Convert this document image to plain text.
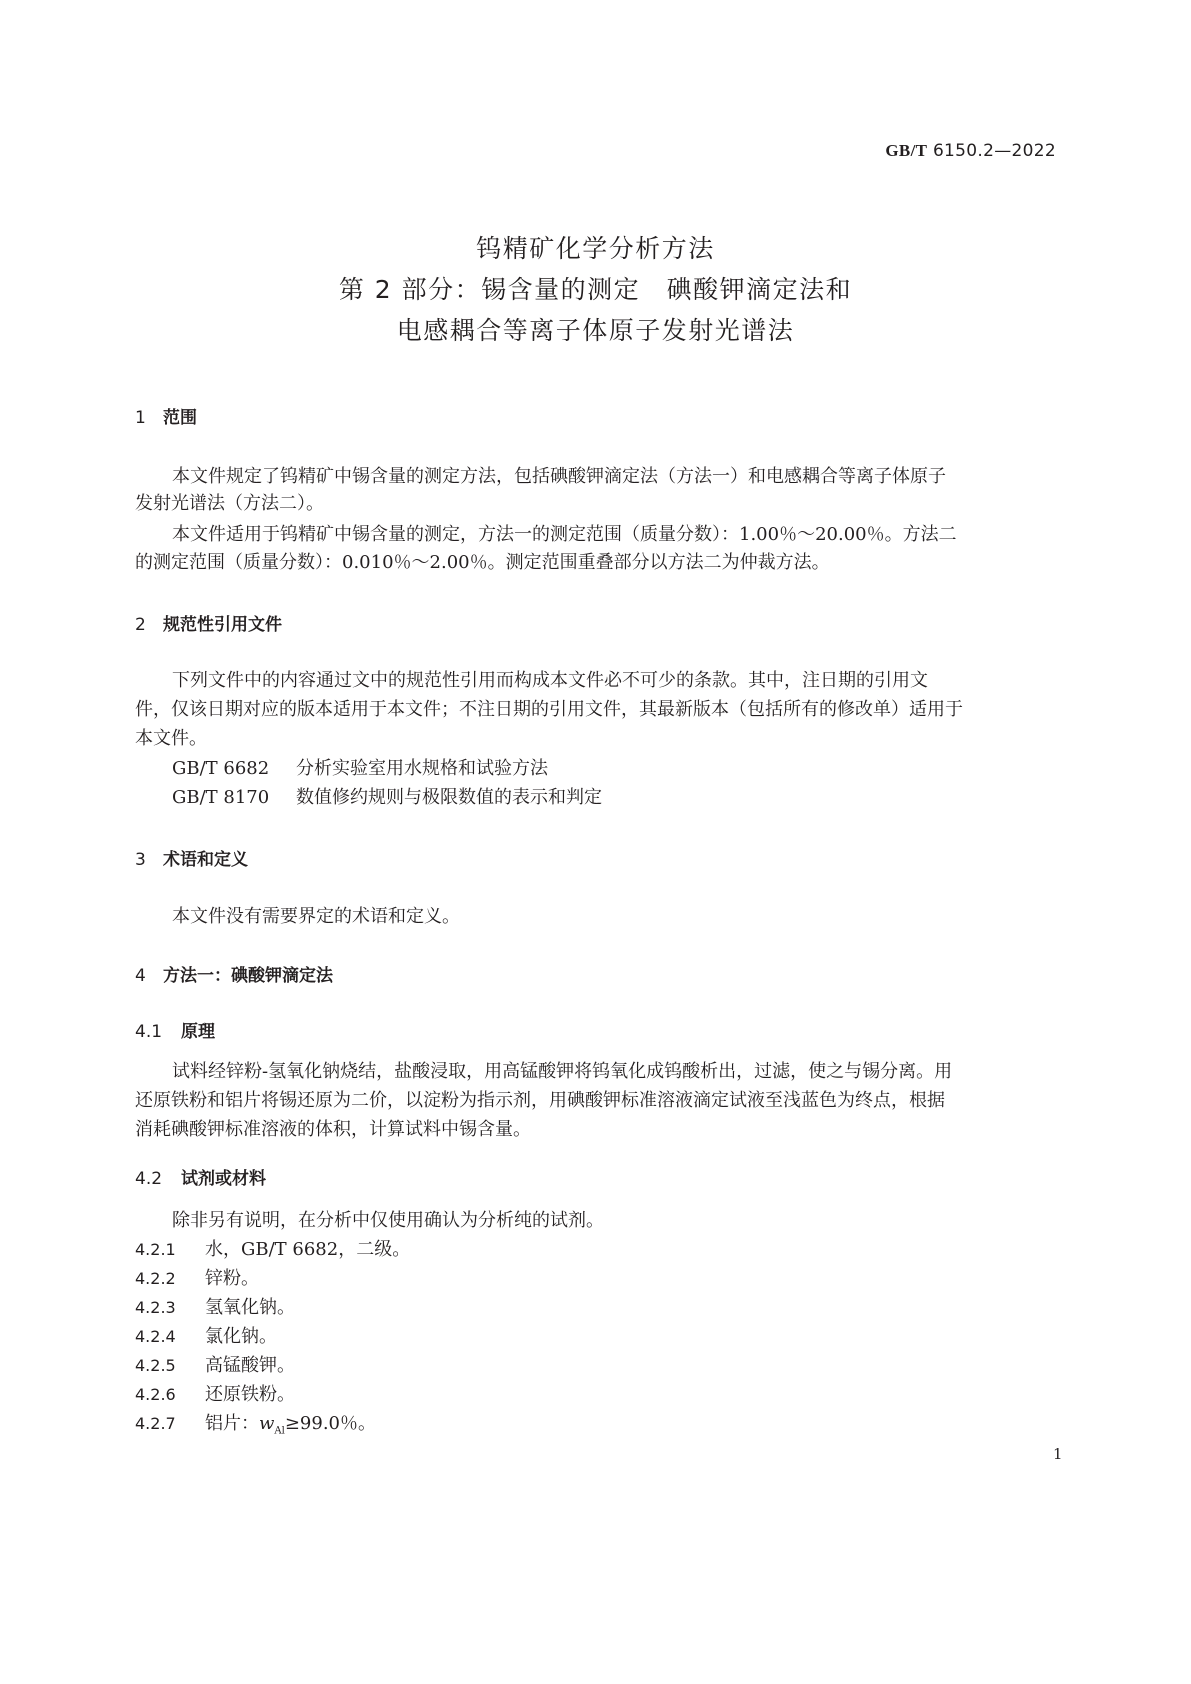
GB/T 6150.2—2022
钨精矿化学分析方法
第 2 部分：锡含量的测定　碘酸钾滴定法和
电感耦合等离子体原子发射光谱法
1 范围
本文件规定了钨精矿中锡含量的测定方法，包括碘酸钾滴定法（方法一）和电感耦合等离子体原子
发射光谱法（方法二）。
本文件适用于钨精矿中锡含量的测定，方法一的测定范围（质量分数）：1.00％～20.00％。方法二
的测定范围（质量分数）：0.010％～2.00％。测定范围重叠部分以方法二为仲裁方法。
2 规范性引用文件
下列文件中的内容通过文中的规范性引用而构成本文件必不可少的条款。其中，注日期的引用文
件，仅该日期对应的版本适用于本文件；不注日期的引用文件，其最新版本（包括所有的修改单）适用于
本文件。
GB/T 6682 分析实验室用水规格和试验方法
GB/T 8170 数值修约规则与极限数值的表示和判定
3 术语和定义
本文件没有需要界定的术语和定义。
4 方法一：碘酸钾滴定法
4.1 原理
试料经锌粉-氢氧化钠烧结，盐酸浸取，用高锰酸钾将钨氧化成钨酸析出，过滤，使之与锡分离。用
还原铁粉和铝片将锡还原为二价，以淀粉为指示剂，用碘酸钾标准溶液滴定试液至浅蓝色为终点，根据
消耗碘酸钾标准溶液的体积，计算试料中锡含量。
4.2 试剂或材料
除非另有说明，在分析中仅使用确认为分析纯的试剂。
4.2.1 水，GB/T 6682，二级。
4.2.2 锌粉。
4.2.3 氢氧化钠。
4.2.4 氯化钠。
4.2.5 高锰酸钾。
4.2.6 还原铁粉。
4.2.7 铝片：$w_{Al}\ge 99.0$％。
1
